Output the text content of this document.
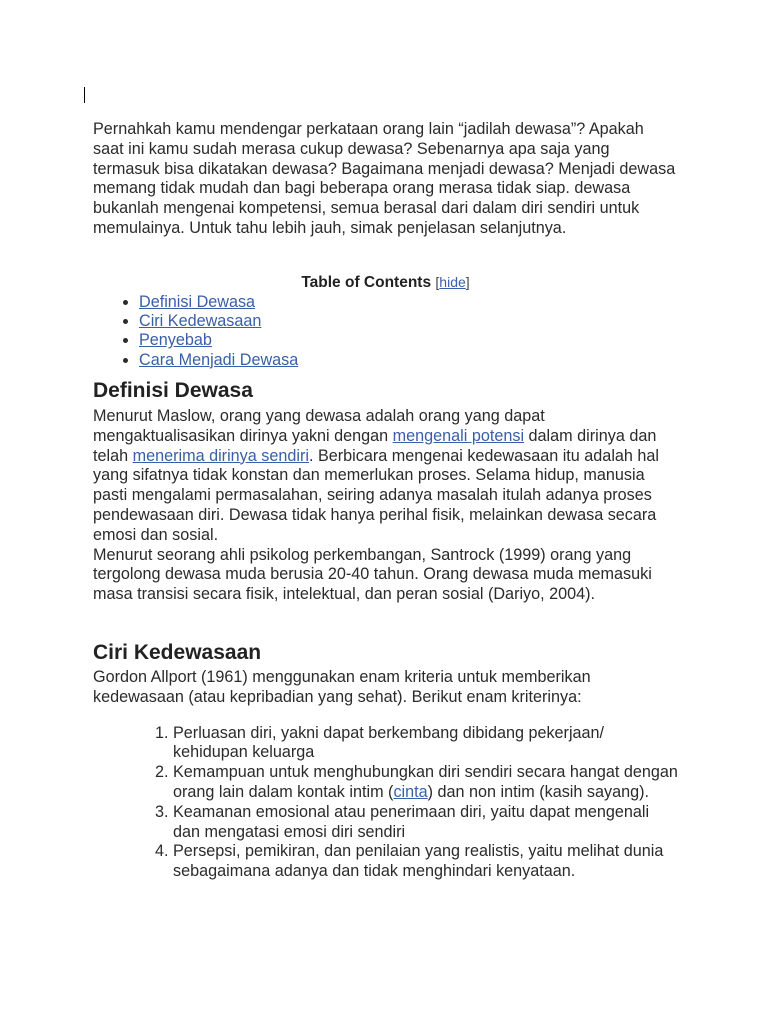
Pernahkah kamu mendengar perkataan orang lain “jadilah dewasa”? Apakah saat ini kamu sudah merasa cukup dewasa? Sebenarnya apa saja yang termasuk bisa dikatakan dewasa? Bagaimana menjadi dewasa? Menjadi dewasa memang tidak mudah dan bagi beberapa orang merasa tidak siap. dewasa bukanlah mengenai kompetensi, semua berasal dari dalam diri sendiri untuk memulainya. Untuk tahu lebih jauh, simak penjelasan selanjutnya.

Table of Contents [hide]

• Definisi Dewasa
• Ciri Kedewasaan
• Penyebab
• Cara Menjadi Dewasa
Definisi Dewasa

Menurut Maslow, orang yang dewasa adalah orang yang dapat mengaktualisasikan dirinya yakni dengan mengenali potensi dalam dirinya dan telah menerima dirinya sendiri. Berbicara mengenai kedewasaan itu adalah hal yang sifatnya tidak konstan dan memerlukan proses. Selama hidup, manusia pasti mengalami permasalahan, seiring adanya masalah itulah adanya proses pendewasaan diri. Dewasa tidak hanya perihal fisik, melainkan dewasa secara emosi dan sosial.

Menurut seorang ahli psikolog perkembangan, Santrock (1999) orang yang tergolong dewasa muda berusia 20-40 tahun. Orang dewasa muda memasuki masa transisi secara fisik, intelektual, dan peran sosial (Dariyo, 2004).

Ciri Kedewasaan

Gordon Allport (1961) menggunakan enam kriteria untuk memberikan kedewasaan (atau kepribadian yang sehat). Berikut enam kriterinya:

1. Perluasan diri, yakni dapat berkembang dibidang pekerjaan/ kehidupan keluarga
2. Kemampuan untuk menghubungkan diri sendiri secara hangat dengan orang lain dalam kontak intim (cinta) dan non intim (kasih sayang).
3. Keamanan emosional atau penerimaan diri, yaitu dapat mengenali dan mengatasi emosi diri sendiri
4. Persepsi, pemikiran, dan penilaian yang realistis, yaitu melihat dunia sebagaimana adanya dan tidak menghindari kenyataan.
